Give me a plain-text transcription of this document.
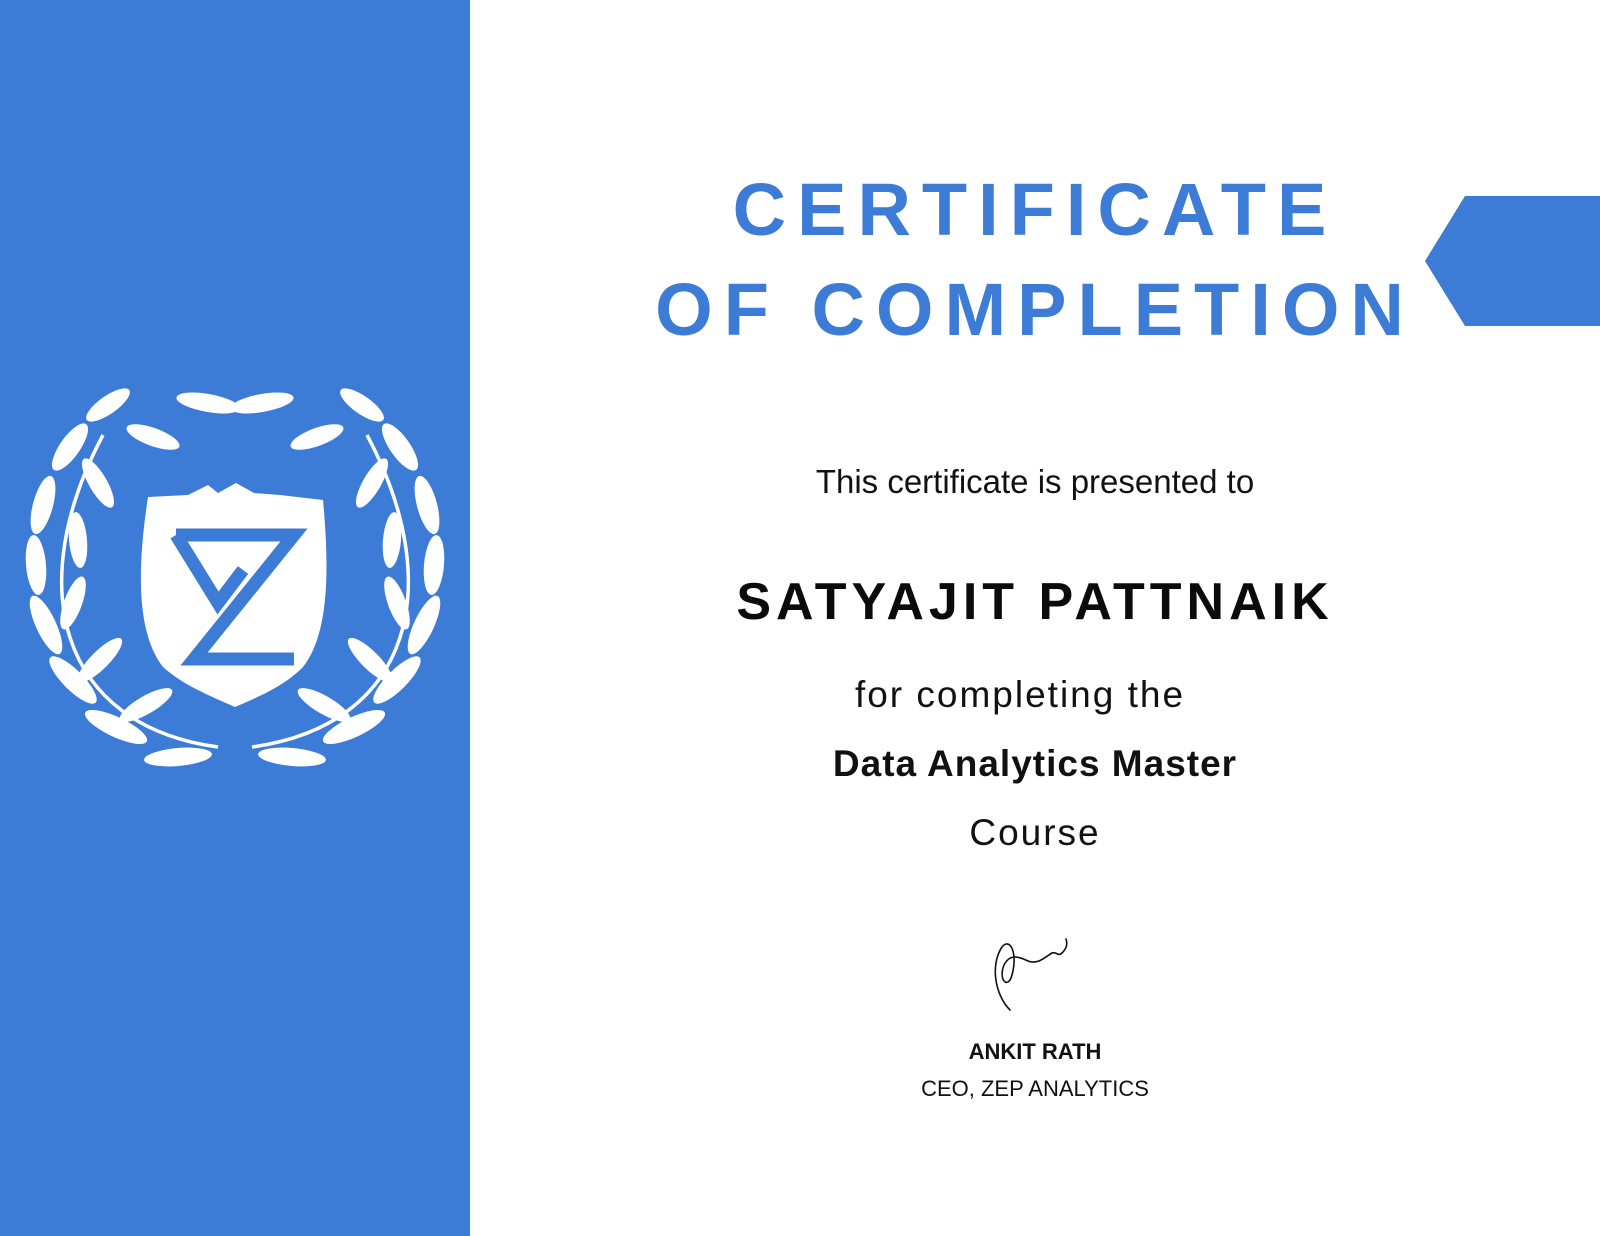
CERTIFICATE
OF COMPLETION
This certificate is presented to
SATYAJIT PATTNAIK
for completing the
Data Analytics Master
Course
ANKIT RATH
CEO, ZEP ANALYTICS
